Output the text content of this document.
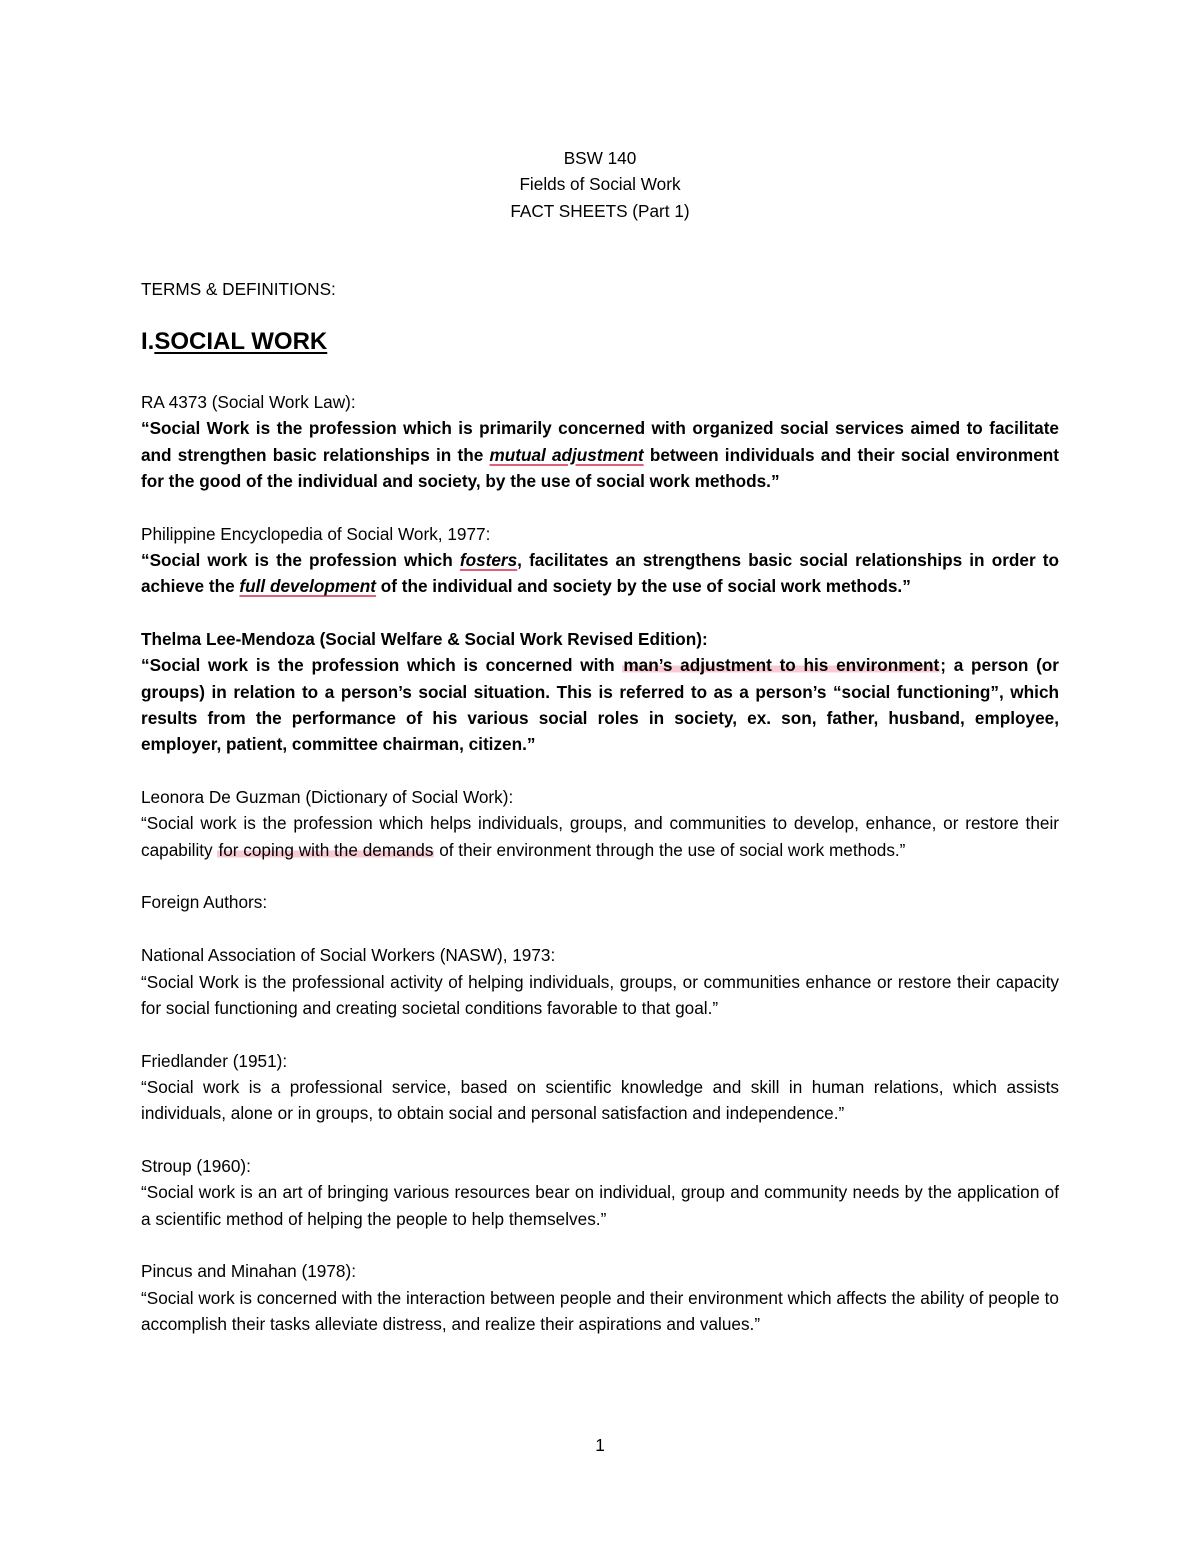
BSW 140
Fields of Social Work
FACT SHEETS (Part 1)
TERMS & DEFINITIONS:
I.SOCIAL WORK
RA 4373 (Social Work Law):
“Social Work is the profession which is primarily concerned with organized social services aimed to facilitate and strengthen basic relationships in the mutual adjustment between individuals and their social environment for the good of the individual and society, by the use of social work methods.”
Philippine Encyclopedia of Social Work, 1977:
“Social work is the profession which fosters, facilitates an strengthens basic social relationships in order to achieve the full development of the individual and society by the use of social work methods.”
Thelma Lee-Mendoza (Social Welfare & Social Work Revised Edition):
“Social work is the profession which is concerned with man’s adjustment to his environment; a person (or groups) in relation to a person’s social situation. This is referred to as a person’s “social functioning”, which results from the performance of his various social roles in society, ex. son, father, husband, employee, employer, patient, committee chairman, citizen.”
Leonora De Guzman (Dictionary of Social Work):
“Social work is the profession which helps individuals, groups, and communities to develop, enhance, or restore their capability for coping with the demands of their environment through the use of social work methods.”
Foreign Authors:
National Association of Social Workers (NASW), 1973:
“Social Work is the professional activity of helping individuals, groups, or communities enhance or restore their capacity for social functioning and creating societal conditions favorable to that goal.”
Friedlander (1951):
“Social work is a professional service, based on scientific knowledge and skill in human relations, which assists individuals, alone or in groups, to obtain social and personal satisfaction and independence.”
Stroup (1960):
“Social work is an art of bringing various resources bear on individual, group and community needs by the application of a scientific method of helping the people to help themselves.”
Pincus and Minahan (1978):
“Social work is concerned with the interaction between people and their environment which affects the ability of people to accomplish their tasks alleviate distress, and realize their aspirations and values.”
1
